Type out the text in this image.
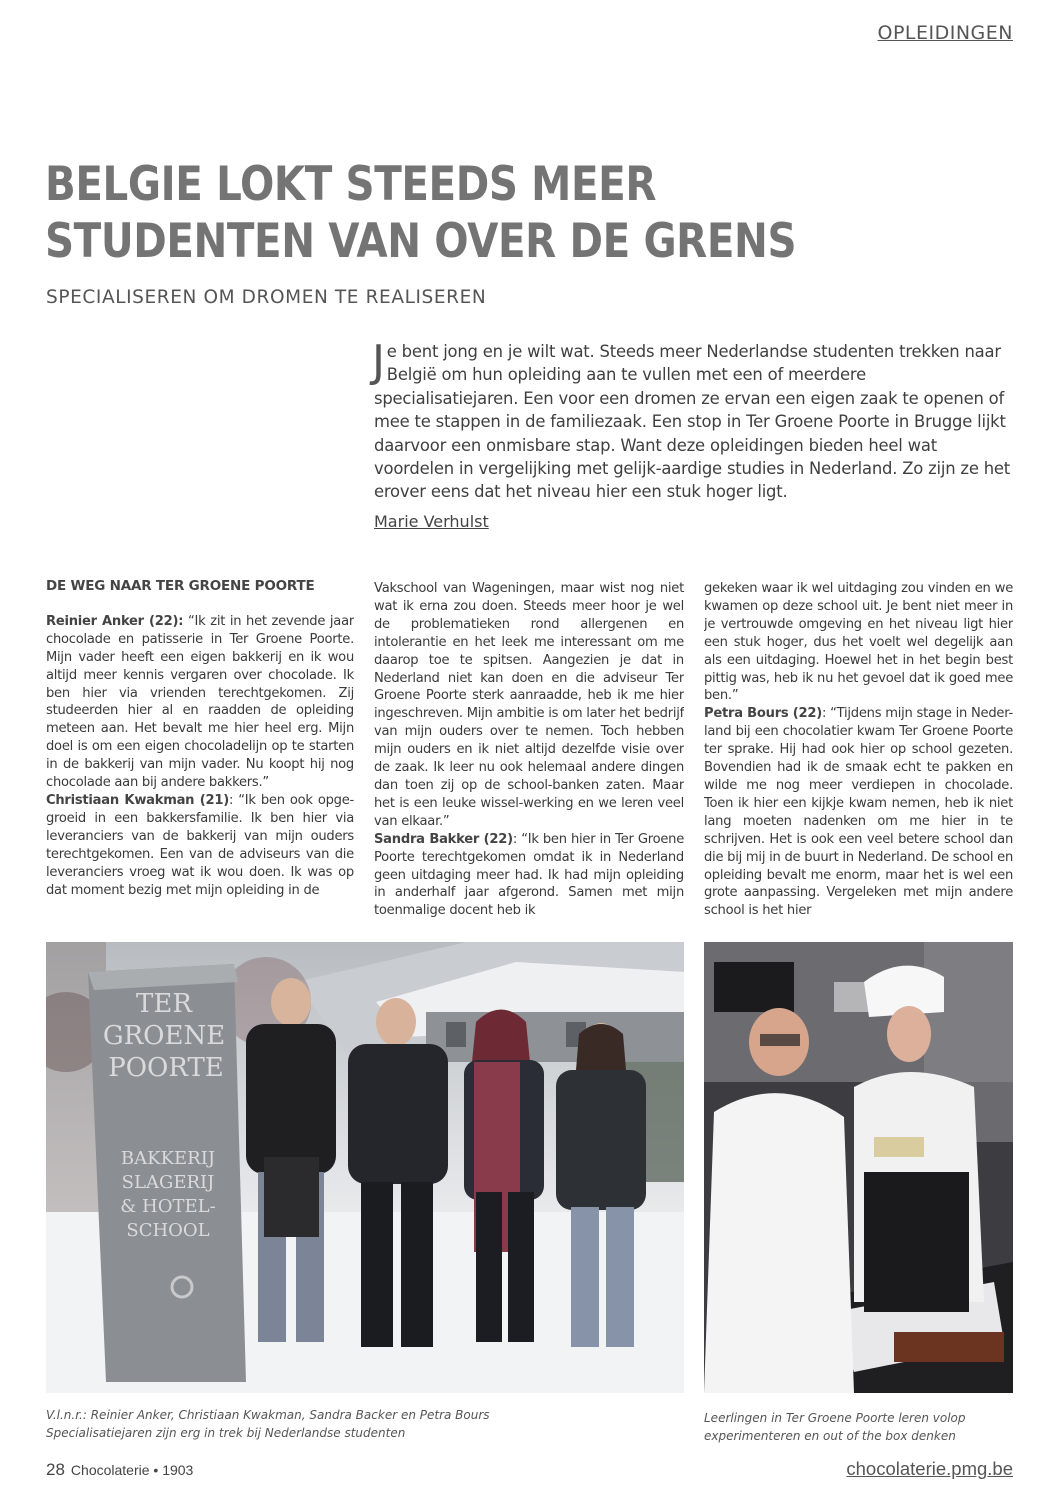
OPLEIDINGEN
BELGIE LOKT STEEDS MEER
STUDENTEN VAN OVER DE GRENS
SPECIALISEREN OM DROMEN TE REALISEREN
Je bent jong en je wilt wat. Steeds meer Nederlandse studenten trekken naar België om hun opleiding aan te vullen met een of meerdere specialisatiejaren. Een voor een dromen ze ervan een eigen zaak te openen of mee te stappen in de familiezaak. Een stop in Ter Groene Poorte in Brugge lijkt daarvoor een onmisbare stap. Want deze opleidingen bieden heel wat voordelen in vergelijking met gelijk-aardige studies in Nederland. Zo zijn ze het erover eens dat het niveau hier een stuk hoger ligt.
Marie Verhulst
DE WEG NAAR TER GROENE POORTE

Reinier Anker (22): “Ik zit in het zevende jaar chocolade en patisserie in Ter Groene Poorte. Mijn vader heeft een eigen bakkerij en ik wou altijd meer kennis vergaren over chocolade. Ik ben hier via vrienden terechtgekomen. Zij studeerden hier al en raadden de opleiding meteen aan. Het bevalt me hier heel erg. Mijn doel is om een eigen chocoladelijn op te starten in de bakkerij van mijn vader. Nu koopt hij nog chocolade aan bij andere bakkers.”

Christiaan Kwakman (21): “Ik ben ook opge-groeid in een bakkersfamilie. Ik ben hier via leveranciers van de bakkerij van mijn ouders terechtgekomen. Een van de adviseurs van die leveranciers vroeg wat ik wou doen. Ik was op dat moment bezig met mijn opleiding in de

Vakschool van Wageningen, maar wist nog niet wat ik erna zou doen. Steeds meer hoor je wel de problematieken rond allergenen en intolerantie en het leek me interessant om me daarop toe te spitsen. Aangezien je dat in Nederland niet kan doen en die adviseur Ter Groene Poorte sterk aanraadde, heb ik me hier ingeschreven. Mijn ambitie is om later het bedrijf van mijn ouders over te nemen. Toch hebben mijn ouders en ik niet altijd dezelfde visie over de zaak. Ik leer nu ook helemaal andere dingen dan toen zij op de school-banken zaten. Maar het is een leuke wissel-werking en we leren veel van elkaar.”

Sandra Bakker (22): “Ik ben hier in Ter Groene Poorte terechtgekomen omdat ik in Nederland geen uitdaging meer had. Ik had mijn opleiding in anderhalf jaar afgerond. Samen met mijn toenmalige docent heb ik

gekeken waar ik wel uitdaging zou vinden en we kwamen op deze school uit. Je bent niet meer in je vertrouwde omgeving en het niveau ligt hier een stuk hoger, dus het voelt wel degelijk aan als een uitdaging. Hoewel het in het begin best pittig was, heb ik nu het gevoel dat ik goed mee ben.”

Petra Bours (22): “Tijdens mijn stage in Neder-land bij een chocolatier kwam Ter Groene Poorte ter sprake. Hij had ook hier op school gezeten. Bovendien had ik de smaak echt te pakken en wilde me nog meer verdiepen in chocolade. Toen ik hier een kijkje kwam nemen, heb ik niet lang moeten nadenken om me hier in te schrijven. Het is ook een veel betere school dan die bij mij in de buurt in Nederland. De school en opleiding bevalt me enorm, maar het is wel een grote aanpassing. Vergeleken met mijn andere school is het hier

TER
GROENE
POORTE
BAKKERIJ
SLAGERIJ
& HOTEL-
SCHOOL
V.l.n.r.: Reinier Anker, Christiaan Kwakman, Sandra Backer en Petra Bours
Specialisatiejaren zijn erg in trek bij Nederlandse studenten
Leerlingen in Ter Groene Poorte leren volop
experimenteren en out of the box denken
28 Chocolaterie • 1903	chocolaterie.pmg.be
